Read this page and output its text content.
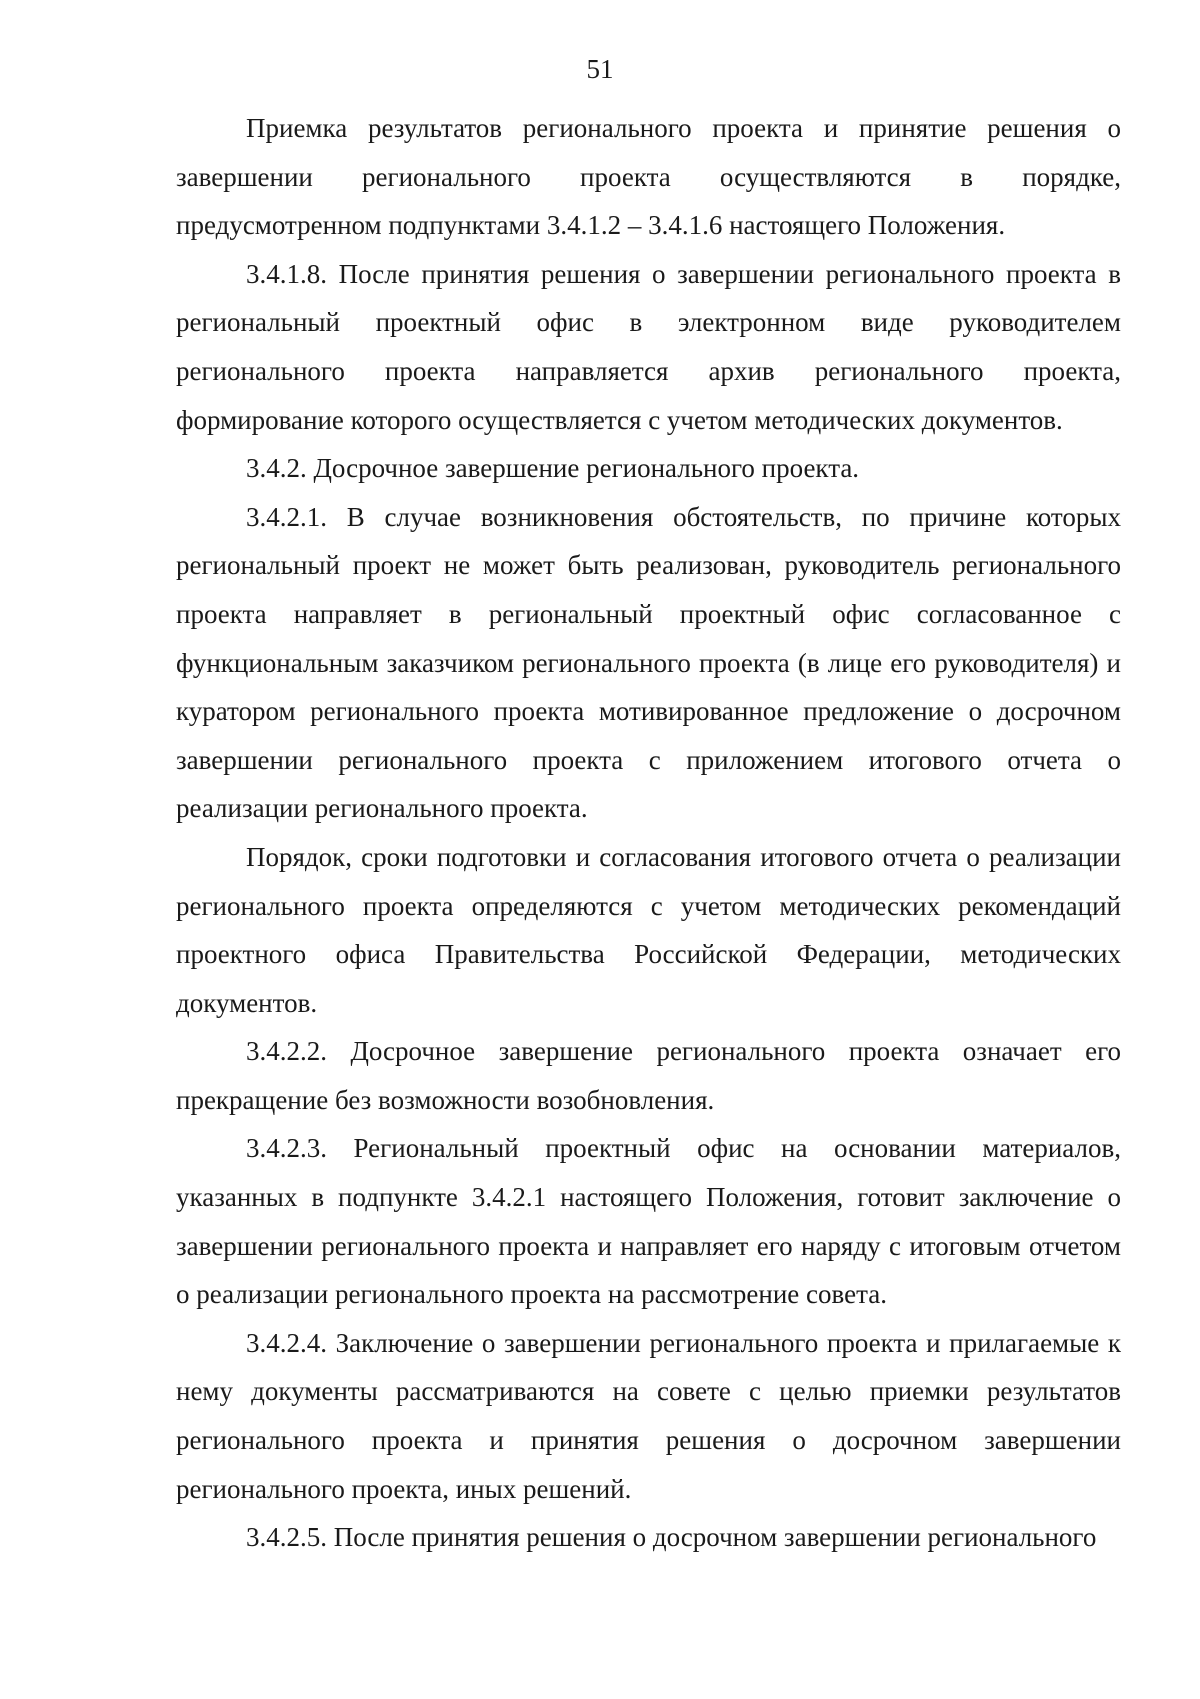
51

Приемка результатов регионального проекта и принятие решения о завершении регионального проекта осуществляются в порядке, предусмотренном подпунктами 3.4.1.2 – 3.4.1.6 настоящего Положения.

3.4.1.8. После принятия решения о завершении регионального проекта в региональный проектный офис в электронном виде руководителем регионального проекта направляется архив регионального проекта, формирование которого осуществляется с учетом методических документов.

3.4.2. Досрочное завершение регионального проекта.

3.4.2.1. В случае возникновения обстоятельств, по причине которых региональный проект не может быть реализован, руководитель регионального проекта направляет в региональный проектный офис согласованное с функциональным заказчиком регионального проекта (в лице его руководителя) и куратором регионального проекта мотивированное предложение о досрочном завершении регионального проекта с приложением итогового отчета о реализации регионального проекта.

Порядок, сроки подготовки и согласования итогового отчета о реализации регионального проекта определяются с учетом методических рекомендаций проектного офиса Правительства Российской Федерации, методических документов.

3.4.2.2. Досрочное завершение регионального проекта означает его прекращение без возможности возобновления.

3.4.2.3. Региональный проектный офис на основании материалов, указанных в подпункте 3.4.2.1 настоящего Положения, готовит заключение о завершении регионального проекта и направляет его наряду с итоговым отчетом о реализации регионального проекта на рассмотрение совета.

3.4.2.4. Заключение о завершении регионального проекта и прилагаемые к нему документы рассматриваются на совете с целью приемки результатов регионального проекта и принятия решения о досрочном завершении регионального проекта, иных решений.

3.4.2.5. После принятия решения о досрочном завершении регионального
